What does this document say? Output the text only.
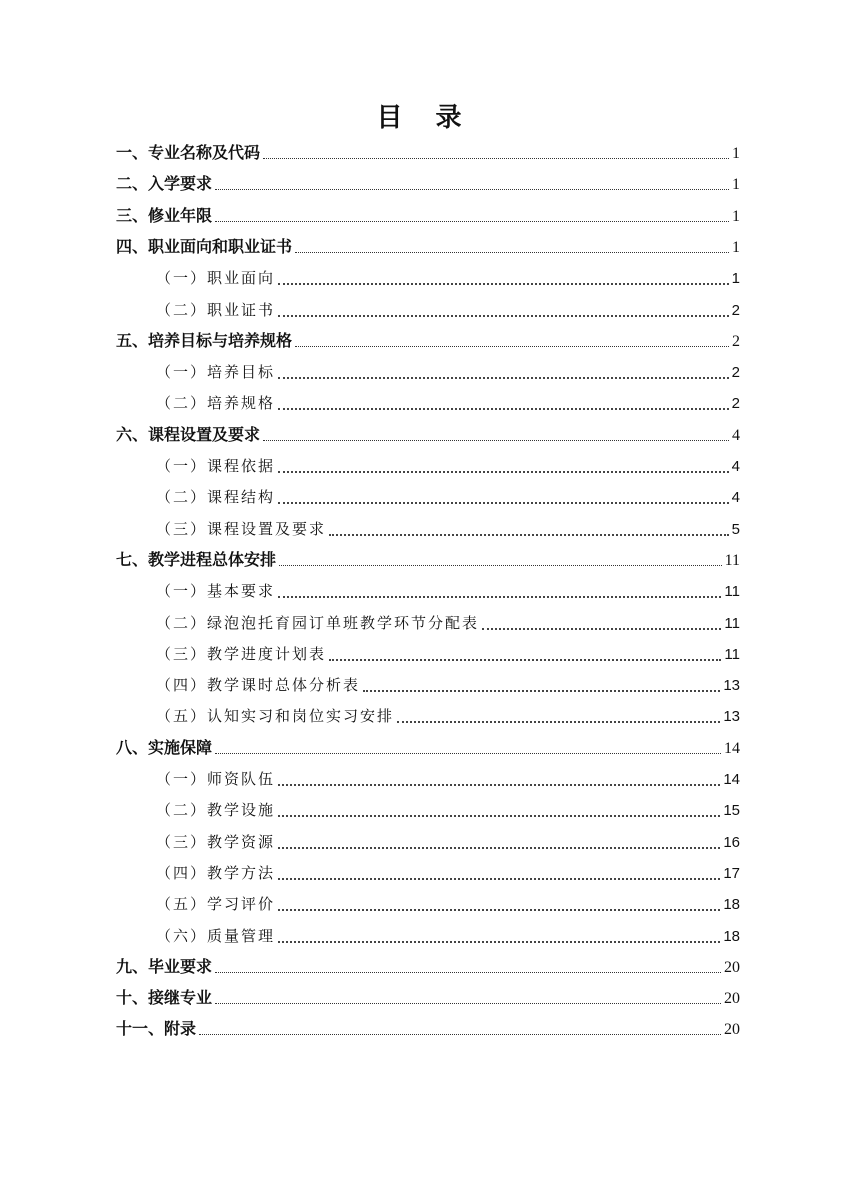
目 录
一、专业名称及代码	1
二、入学要求	1
三、修业年限	1
四、职业面向和职业证书	1
（一）职业面向	1
（二）职业证书	2
五、培养目标与培养规格	2
（一）培养目标	2
（二）培养规格	2
六、课程设置及要求	4
（一）课程依据	4
（二）课程结构	4
（三）课程设置及要求	5
七、教学进程总体安排	11
（一）基本要求	11
（二）绿泡泡托育园订单班教学环节分配表	11
（三）教学进度计划表	11
（四）教学课时总体分析表	13
（五）认知实习和岗位实习安排	13
八、实施保障	14
（一）师资队伍	14
（二）教学设施	15
（三）教学资源	16
（四）教学方法	17
（五）学习评价	18
（六）质量管理	18
九、毕业要求	20
十、接继专业	20
十一、附录	20
